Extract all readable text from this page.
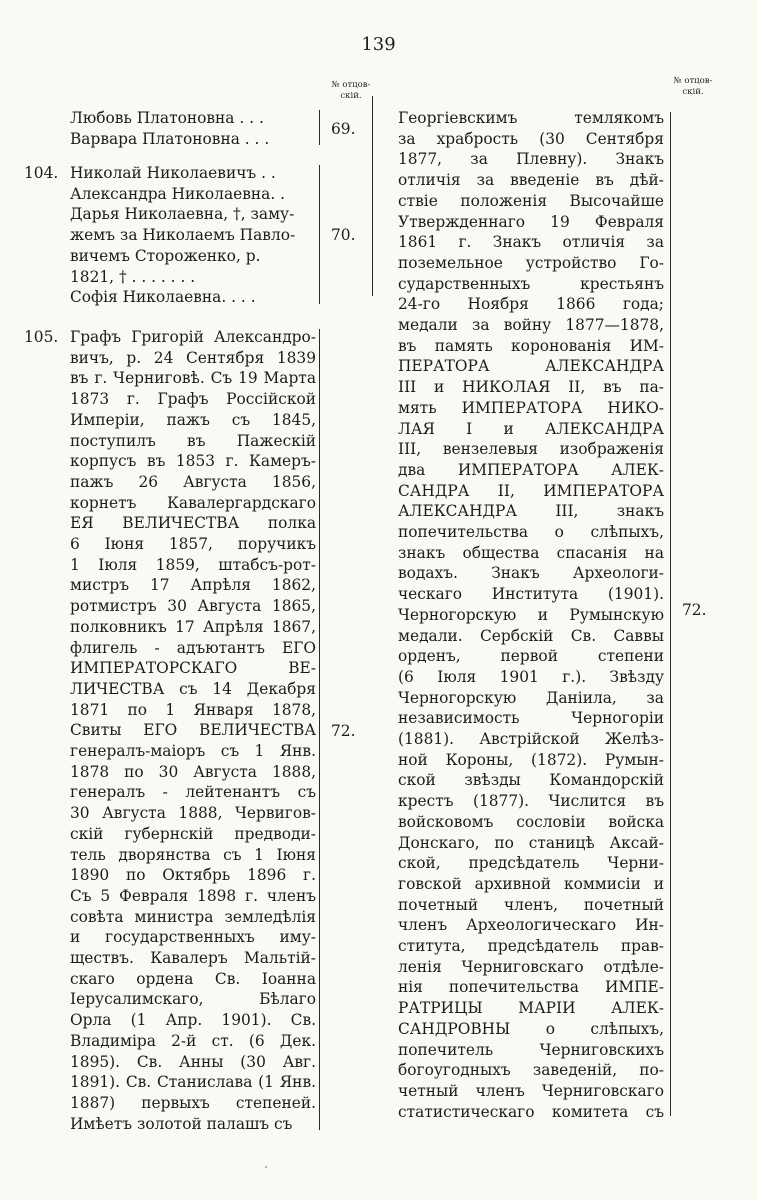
139
№ отцов-
скій.
№ отцов-
скій.
Любовь Платоновна . . .
Варвара Платоновна . . .
69.
104. Николай Николаевичъ . .
Александра Николаевна. .
Дарья Николаевна, †, заму-
жемъ за Николаемъ Павло-
вичемъ Стороженко, р.
1821, † . . . . . . .
Софія Николаевна. . . .
70.
105. Графъ Григорій Александро-
вичъ, р. 24 Сентября 1839
въ г. Черниговѣ. Съ 19 Марта
1873 г. Графъ Россійской
Имперіи, пажъ съ 1845,
поступилъ въ Пажескій
корпусъ въ 1853 г. Камеръ-
пажъ 26 Августа 1856,
корнетъ Кавалергардскаго
ЕЯ ВЕЛИЧЕСТВА полка
6 Іюня 1857, поручикъ
1 Іюля 1859, штабсъ-рот-
мистръ 17 Апрѣля 1862,
ротмистръ 30 Августа 1865,
полковникъ 17 Апрѣля 1867,
флигель - адъютантъ ЕГО
ИМПЕРАТОРСКАГО ВЕ-
ЛИЧЕСТВА съ 14 Декабря
1871 по 1 Января 1878,
Свиты ЕГО ВЕЛИЧЕСТВА
генералъ-маіоръ съ 1 Янв.
1878 по 30 Августа 1888,
генералъ - лейтенантъ съ
30 Августа 1888, Червигов-
скій губернскій предводи-
тель дворянства съ 1 Іюня
1890 по Октябрь 1896 г.
Съ 5 Февраля 1898 г. членъ
совѣта министра земледѣлія
и государственныхъ иму-
ществъ. Кавалеръ Мальтій-
скаго ордена Св. Іоанна
Іерусалимскаго, Бѣлаго
Орла (1 Апр. 1901). Св.
Владиміра 2-й ст. (6 Дек.
1895). Св. Анны (30 Авг.
1891). Св. Станислава (1 Янв.
1887) первыхъ степеней.
Имѣетъ золотой палашъ съ
72.
Георгіевскимъ темлякомъ
за храбрость (30 Сентября
1877, за Плевну). Знакъ
отличія за введеніе въ дѣй-
ствіе положенія Высочайше
Утвержденнаго 19 Февраля
1861 г. Знакъ отличія за
поземельное устройство Го-
сударственныхъ крестьянъ
24-го Ноября 1866 года;
медали за войну 1877—1878,
въ память коронованія ИМ-
ПЕРАТОРА АЛЕКСАНДРА
III и НИКОЛАЯ II, въ па-
мять ИМПЕРАТОРА НИКО-
ЛАЯ I и АЛЕКСАНДРА
III, вензелевыя изображенія
два ИМПЕРАТОРА АЛЕК-
САНДРА II, ИМПЕРАТОРА
АЛЕКСАНДРА III, знакъ
попечительства о слѣпыхъ,
знакъ общества спасанія на
водахъ. Знакъ Археологи-
ческаго Института (1901).
Черногорскую и Румынскую
медали. Сербскій Св. Саввы
орденъ, первой степени
(6 Іюля 1901 г.). Звѣзду
Черногорскую Данiила, за
независимость Черногоріи
(1881). Австрійской Желѣз-
ной Короны, (1872). Румын-
ской звѣзды Командорскій
крестъ (1877). Числится въ
войсковомъ сословіи войска
Донскаго, по станицѣ Аксай-
ской, предсѣдатель Черни-
говской архивной коммисіи и
почетный членъ, почетный
членъ Археологическаго Ин-
ститута, предсѣдатель прав-
ленія Черниговскаго отдѣле-
нія попечительства ИМПЕ-
РАТРИЦЫ МАРІИ АЛЕК-
САНДРОВНЫ о слѣпыхъ,
попечитель Черниговскихъ
богоугодныхъ заведеній, по-
четный членъ Черниговскаго
статистическаго комитета съ
72.
